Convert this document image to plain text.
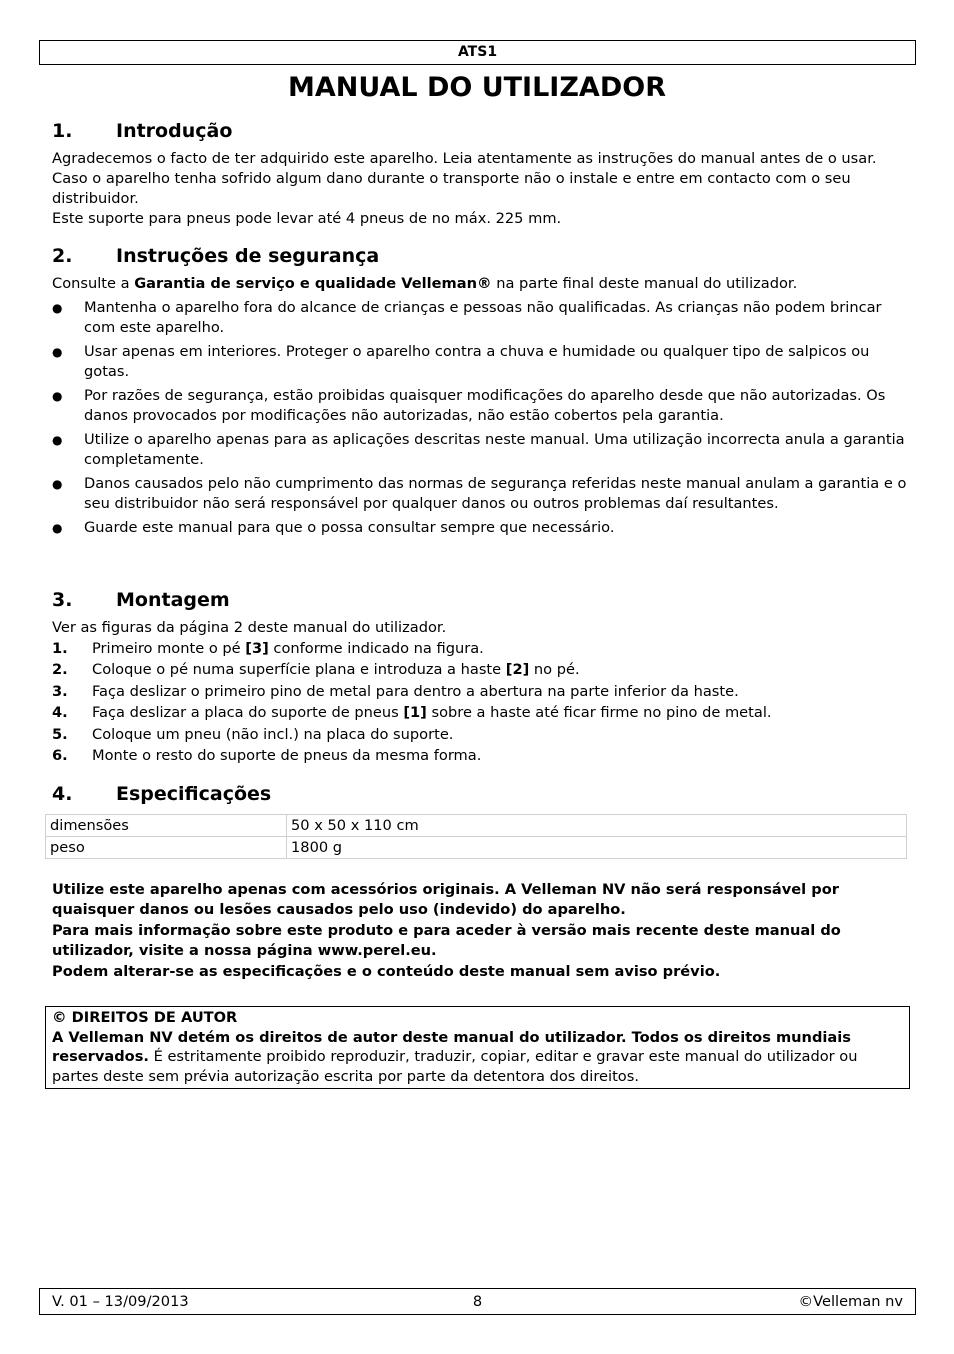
ATS1
MANUAL DO UTILIZADOR
1. Introdução
Agradecemos o facto de ter adquirido este aparelho. Leia atentamente as instruções do manual antes de o usar. Caso o aparelho tenha sofrido algum dano durante o transporte não o instale e entre em contacto com o seu distribuidor.
Este suporte para pneus pode levar até 4 pneus de no máx. 225 mm.
2. Instruções de segurança
Consulte a Garantia de serviço e qualidade Velleman® na parte final deste manual do utilizador.
● Mantenha o aparelho fora do alcance de crianças e pessoas não qualificadas. As crianças não podem brincar com este aparelho.
● Usar apenas em interiores. Proteger o aparelho contra a chuva e humidade ou qualquer tipo de salpicos ou gotas.
● Por razões de segurança, estão proibidas quaisquer modificações do aparelho desde que não autorizadas. Os danos provocados por modificações não autorizadas, não estão cobertos pela garantia.
● Utilize o aparelho apenas para as aplicações descritas neste manual. Uma utilização incorrecta anula a garantia completamente.
● Danos causados pelo não cumprimento das normas de segurança referidas neste manual anulam a garantia e o seu distribuidor não será responsável por qualquer danos ou outros problemas daí resultantes.
● Guarde este manual para que o possa consultar sempre que necessário.
3. Montagem
Ver as figuras da página 2 deste manual do utilizador.
1. Primeiro monte o pé [3] conforme indicado na figura.
2. Coloque o pé numa superfície plana e introduza a haste [2] no pé.
3. Faça deslizar o primeiro pino de metal para dentro a abertura na parte inferior da haste.
4. Faça deslizar a placa do suporte de pneus [1] sobre a haste até ficar firme no pino de metal.
5. Coloque um pneu (não incl.) na placa do suporte.
6. Monte o resto do suporte de pneus da mesma forma.
4. Especificações
dimensões	50 x 50 x 110 cm
peso	1800 g
Utilize este aparelho apenas com acessórios originais. A Velleman NV não será responsável por quaisquer danos ou lesões causados pelo uso (indevido) do aparelho.
Para mais informação sobre este produto e para aceder à versão mais recente deste manual do utilizador, visite a nossa página www.perel.eu.
Podem alterar-se as especificações e o conteúdo deste manual sem aviso prévio.
© DIREITOS DE AUTOR
A Velleman NV detém os direitos de autor deste manual do utilizador. Todos os direitos mundiais reservados. É estritamente proibido reproduzir, traduzir, copiar, editar e gravar este manual do utilizador ou partes deste sem prévia autorização escrita por parte da detentora dos direitos.
V. 01 – 13/09/2013	8	©Velleman nv
